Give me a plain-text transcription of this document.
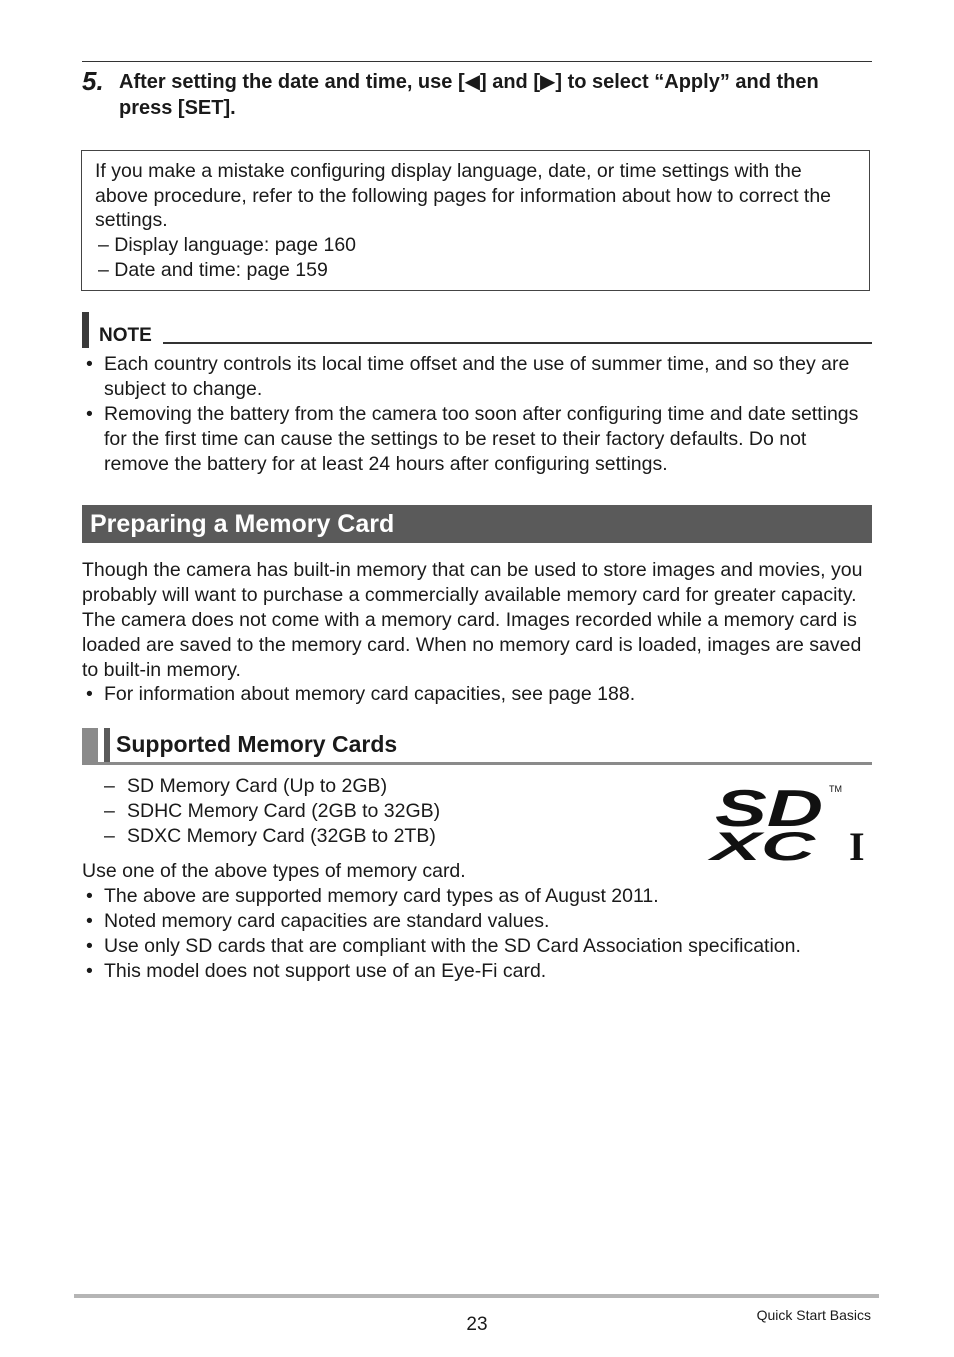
5. After setting the date and time, use [◀] and [▶] to select “Apply” and then press [SET].
If you make a mistake configuring display language, date, or time settings with the above procedure, refer to the following pages for information about how to correct the settings.
– Display language: page 160
– Date and time: page 159
NOTE
• Each country controls its local time offset and the use of summer time, and so they are subject to change.
• Removing the battery from the camera too soon after configuring time and date settings for the first time can cause the settings to be reset to their factory defaults. Do not remove the battery for at least 24 hours after configuring settings.
Preparing a Memory Card
Though the camera has built-in memory that can be used to store images and movies, you probably will want to purchase a commercially available memory card for greater capacity. The camera does not come with a memory card. Images recorded while a memory card is loaded are saved to the memory card. When no memory card is loaded, images are saved to built-in memory.
• For information about memory card capacities, see page 188.
Supported Memory Cards
– SD Memory Card (Up to 2GB)
– SDHC Memory Card (2GB to 32GB)
– SDXC Memory Card (32GB to 2TB)	SD TM
XC I
Use one of the above types of memory card.
• The above are supported memory card types as of August 2011.
• Noted memory card capacities are standard values.
• Use only SD cards that are compliant with the SD Card Association specification.
• This model does not support use of an Eye-Fi card.
23	Quick Start Basics
